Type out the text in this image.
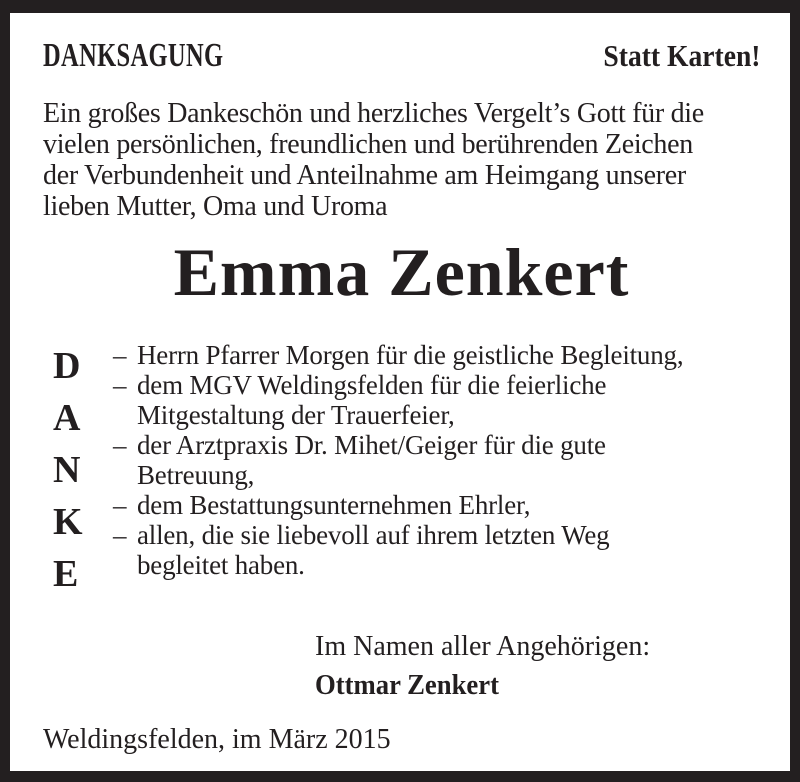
DANKSAGUNG	Statt Karten!
Ein großes Dankeschön und herzliches Vergelt’s Gott für die
vielen persönlichen, freundlichen und berührenden Zeichen
der Verbundenheit und Anteilnahme am Heimgang unserer
lieben Mutter, Oma und Uroma
Emma Zenkert
D
A
N
K
E
– Herrn Pfarrer Morgen für die geistliche Begleitung,
– dem MGV Weldingsfelden für die feierliche
Mitgestaltung der Trauerfeier,
– der Arztpraxis Dr. Mihet/Geiger für die gute
Betreuung,
– dem Bestattungsunternehmen Ehrler,
– allen, die sie liebevoll auf ihrem letzten Weg
begleitet haben.
Im Namen aller Angehörigen:
Ottmar Zenkert
Weldingsfelden, im März 2015
